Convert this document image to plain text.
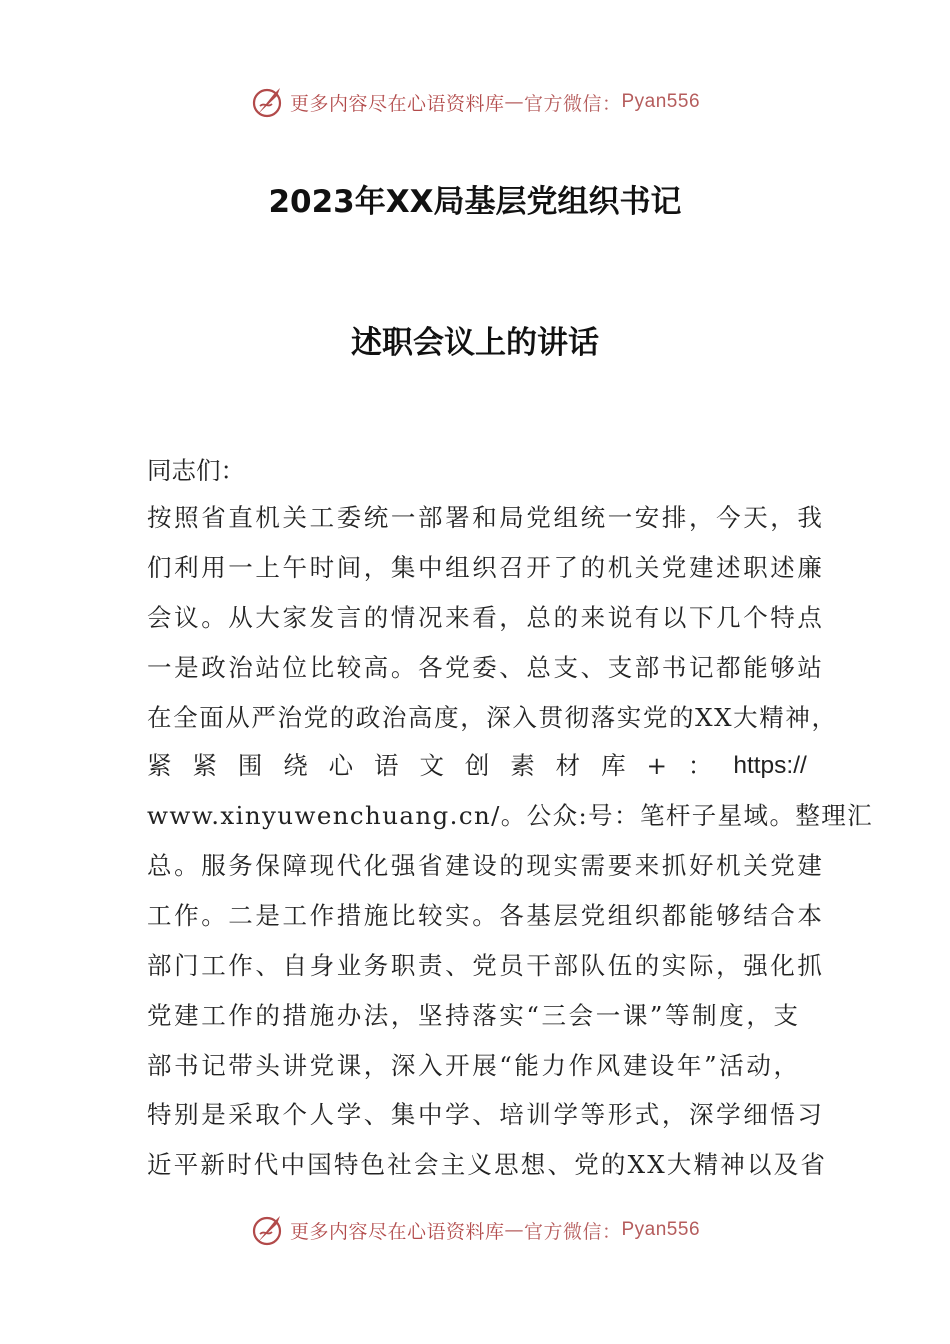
更多内容尽在心语资料库 — 官方微信： Pyan556
2023年XX局基层党组织书记
述职会议上的讲话
同志们：
按照省直机关工委统一部署和局党组统一安排，今天，我
们利用一上午时间，集中组织召开了的机关党建述职述廉
会议。从大家发言的情况来看，总的来说有以下几个特点
一是政治站位比较高。各党委、总支、支部书记都能够站
在全面从严治党的政治高度，深入贯彻落实党的XX大精神，
紧 紧 围 绕 心 语 文 创 素 材 库 + ： https://
www.xinyuwenchuang.cn/。公众:号：笔杆子星域。整理汇
总。服务保障现代化强省建设的现实需要来抓好机关党建
工作。二是工作措施比较实。各基层党组织都能够结合本
部门工作、自身业务职责、党员干部队伍的实际，强化抓
党建工作的措施办法，坚持落实“三会一课”等制度，支
部书记带头讲党课，深入开展“能力作风建设年”活动，
特别是采取个人学、集中学、培训学等形式，深学细悟习
近平新时代中国特色社会主义思想、党的XX大精神以及省
更多内容尽在心语资料库 — 官方微信： Pyan556
